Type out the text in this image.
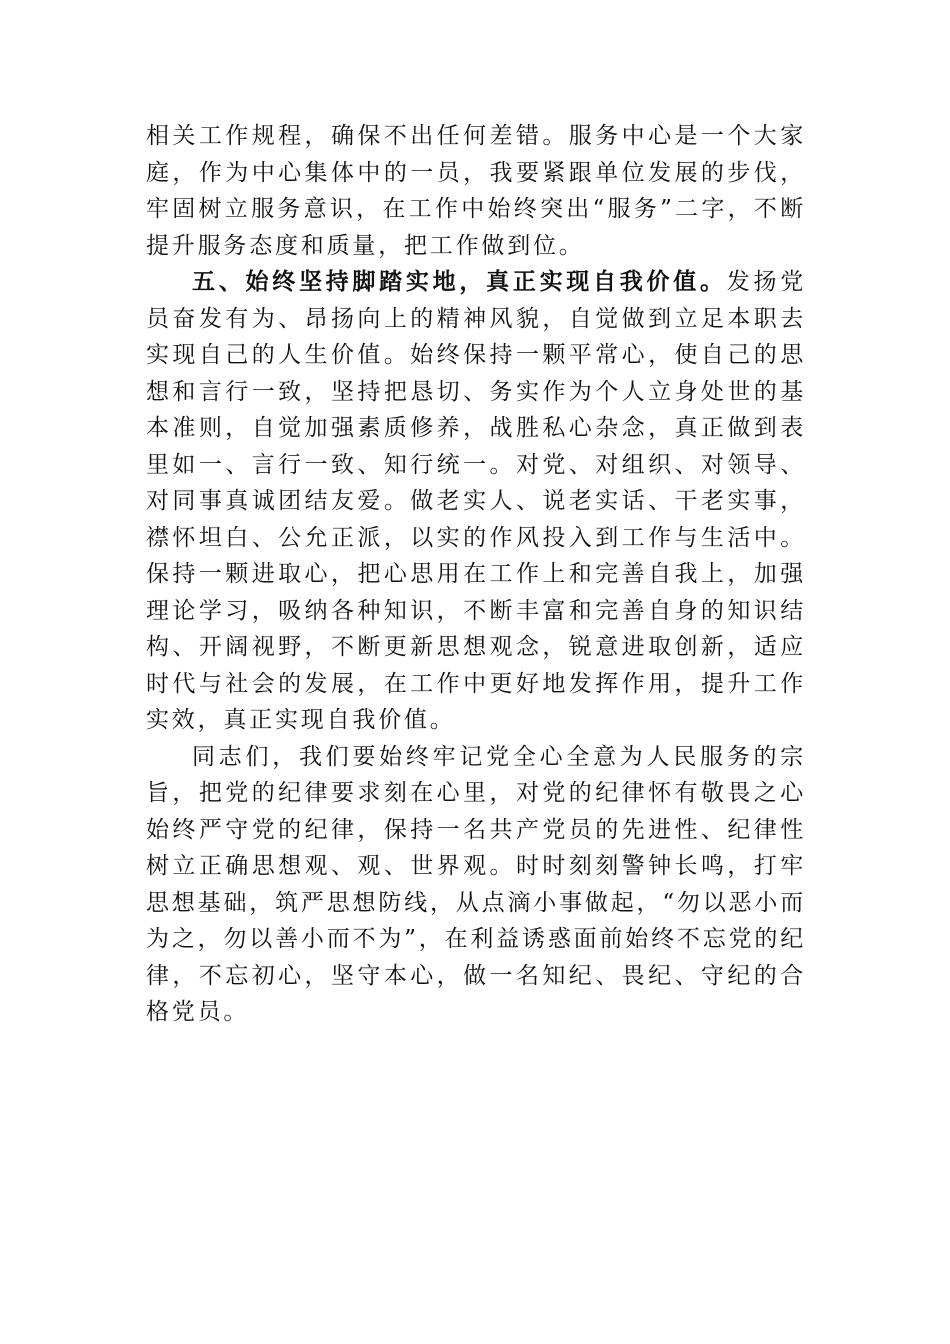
相关工作规程，确保不出任何差错。服务中心是一个大家庭，作为中心集体中的一员，我要紧跟单位发展的步伐，牢固树立服务意识，在工作中始终突出“服务”二字，不断提升服务态度和质量，把工作做到位。

五、始终坚持脚踏实地，真正实现自我价值。发扬党员奋发有为、昂扬向上的精神风貌，自觉做到立足本职去实现自己的人生价值。始终保持一颗平常心，使自己的思想和言行一致，坚持把恳切、务实作为个人立身处世的基本准则，自觉加强素质修养，战胜私心杂念，真正做到表里如一、言行一致、知行统一。对党、对组织、对领导、对同事真诚团结友爱。做老实人、说老实话、干老实事，襟怀坦白、公允正派，以实的作风投入到工作与生活中。保持一颗进取心，把心思用在工作上和完善自我上，加强理论学习，吸纳各种知识，不断丰富和完善自身的知识结构、开阔视野，不断更新思想观念，锐意进取创新，适应时代与社会的发展，在工作中更好地发挥作用，提升工作实效，真正实现自我价值。

同志们，我们要始终牢记党全心全意为人民服务的宗旨，把党的纪律要求刻在心里，对党的纪律怀有敬畏之心始终严守党的纪律，保持一名共产党员的先进性、纪律性树立正确思想观、观、世界观。时时刻刻警钟长鸣，打牢思想基础，筑严思想防线，从点滴小事做起，“勿以恶小而为之，勿以善小而不为”，在利益诱惑面前始终不忘党的纪律，不忘初心，坚守本心，做一名知纪、畏纪、守纪的合格党员。
